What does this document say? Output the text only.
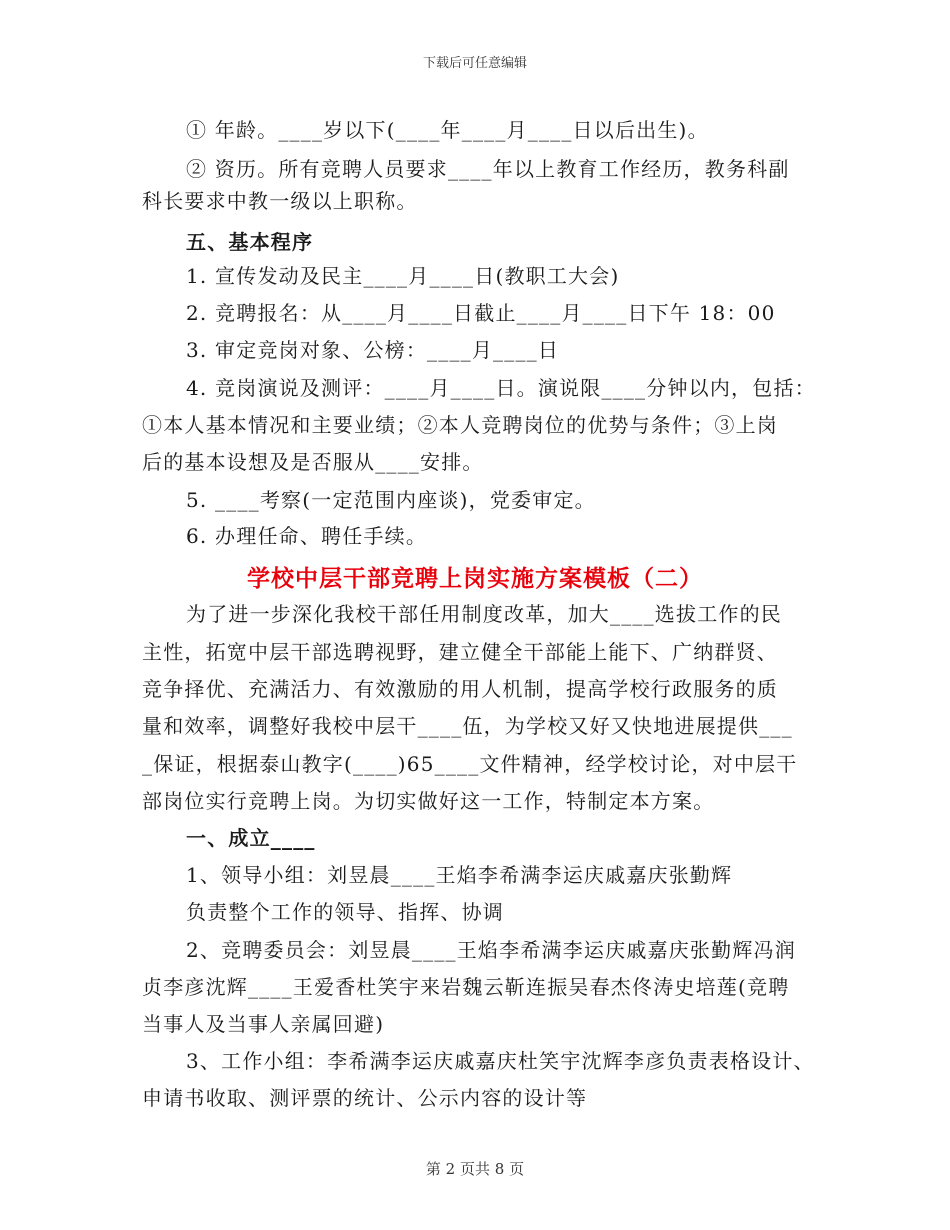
下载后可任意编辑
① 年龄。____岁以下(____年____月____日以后出生)。
② 资历。所有竞聘人员要求____年以上教育工作经历，教务科副
科长要求中教一级以上职称。
五、基本程序
1. 宣传发动及民主____月____日(教职工大会)
2. 竞聘报名：从____月____日截止____月____日下午 18：00
3. 审定竞岗对象、公榜：____月____日
4. 竞岗演说及测评：____月____日。演说限____分钟以内，包括：
①本人基本情况和主要业绩；②本人竞聘岗位的优势与条件；③上岗
后的基本设想及是否服从____安排。
5. ____考察(一定范围内座谈)，党委审定。
6. 办理任命、聘任手续。
学校中层干部竞聘上岗实施方案模板（二）
为了进一步深化我校干部任用制度改革，加大____选拔工作的民
主性，拓宽中层干部选聘视野，建立健全干部能上能下、广纳群贤、
竞争择优、充满活力、有效激励的用人机制，提高学校行政服务的质
量和效率，调整好我校中层干____伍，为学校又好又快地进展提供___
_保证，根据泰山教字(____)65____文件精神，经学校讨论，对中层干
部岗位实行竞聘上岗。为切实做好这一工作，特制定本方案。
一、成立____
1、领导小组：刘昱晨____王焰李希满李运庆戚嘉庆张勤辉
负责整个工作的领导、指挥、协调
2、竞聘委员会：刘昱晨____王焰李希满李运庆戚嘉庆张勤辉冯润
贞李彦沈辉____王爱香杜笑宇来岩魏云靳连振吴春杰佟涛史培莲(竞聘
当事人及当事人亲属回避)
3、工作小组：李希满李运庆戚嘉庆杜笑宇沈辉李彦负责表格设计、
申请书收取、测评票的统计、公示内容的设计等
第 2 页共 8 页
